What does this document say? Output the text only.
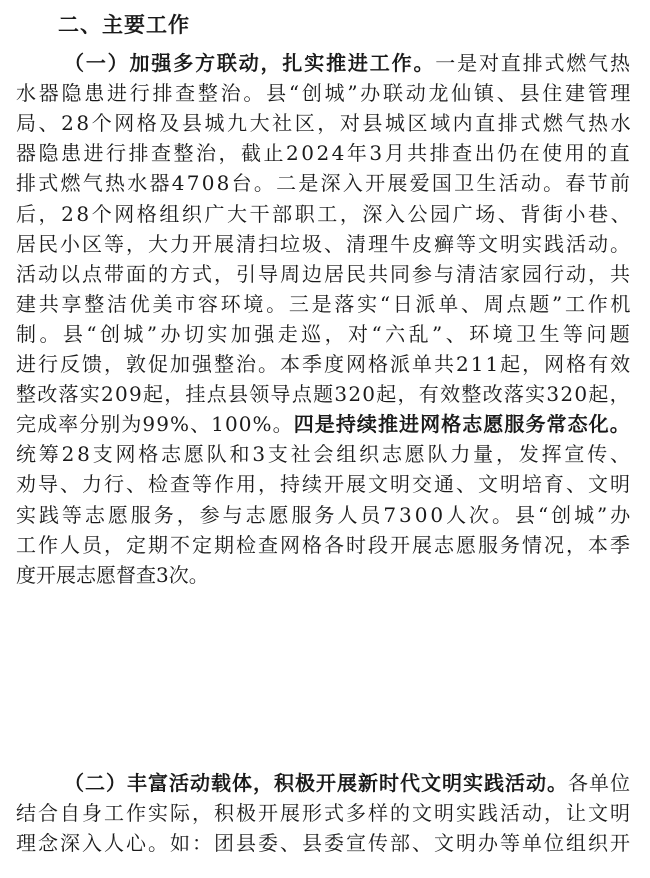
二、主要工作
（一）加强多方联动，扎实推进工作。一是对直排式燃气热
水器隐患进行排查整治。县“创城”办联动龙仙镇、县住建管理
局、28个网格及县城九大社区，对县城区域内直排式燃气热水
器隐患进行排查整治，截止2024年3月共排查出仍在使用的直
排式燃气热水器4708台。二是深入开展爱国卫生活动。春节前
后，28个网格组织广大干部职工，深入公园广场、背街小巷、
居民小区等，大力开展清扫垃圾、清理牛皮癣等文明实践活动。
活动以点带面的方式，引导周边居民共同参与清洁家园行动，共
建共享整洁优美市容环境。三是落实“日派单、周点题”工作机
制。县“创城”办切实加强走巡，对“六乱”、环境卫生等问题
进行反馈，敦促加强整治。本季度网格派单共211起，网格有效
整改落实209起，挂点县领导点题320起，有效整改落实320起，
完成率分别为99%、100%。四是持续推进网格志愿服务常态化。
统筹28支网格志愿队和3支社会组织志愿队力量，发挥宣传、
劝导、力行、检查等作用，持续开展文明交通、文明培育、文明
实践等志愿服务，参与志愿服务人员7300人次。县“创城”办
工作人员，定期不定期检查网格各时段开展志愿服务情况，本季
度开展志愿督查3次。
（二）丰富活动载体，积极开展新时代文明实践活动。各单位
结合自身工作实际，积极开展形式多样的文明实践活动，让文明
理念深入人心。如：团县委、县委宣传部、文明办等单位组织开
